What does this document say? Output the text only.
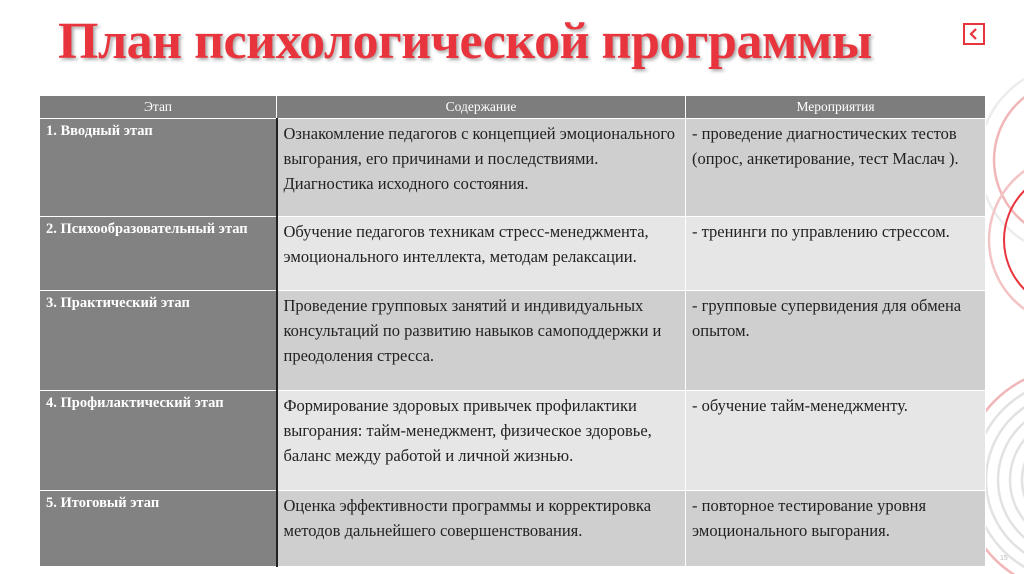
План психологической программы
Этап	Содержание	Мероприятия
1. Вводный этап	Ознакомление педагогов с концепцией эмоционального выгорания, его причинами и последствиями. Диагностика исходного состояния.	- проведение диагностических тестов (опрос, анкетирование, тест Маслач ).
2. Психообразовательный этап	Обучение педагогов техникам стресс-менеджмента, эмоционального интеллекта, методам релаксации.	- тренинги по управлению стрессом.
3. Практический этап	Проведение групповых занятий и индивидуальных консультаций по развитию навыков самоподдержки и преодоления стресса.	- групповые супервидения для обмена опытом.
4. Профилактический этап	Формирование здоровых привычек профилактики выгорания: тайм-менеджмент, физическое здоровье, баланс между работой и личной жизнью.	- обучение тайм-менеджменту.
5. Итоговый этап	Оценка эффективности программы и корректировка методов дальнейшего совершенствования.	- повторное тестирование уровня эмоционального выгорания.
15
